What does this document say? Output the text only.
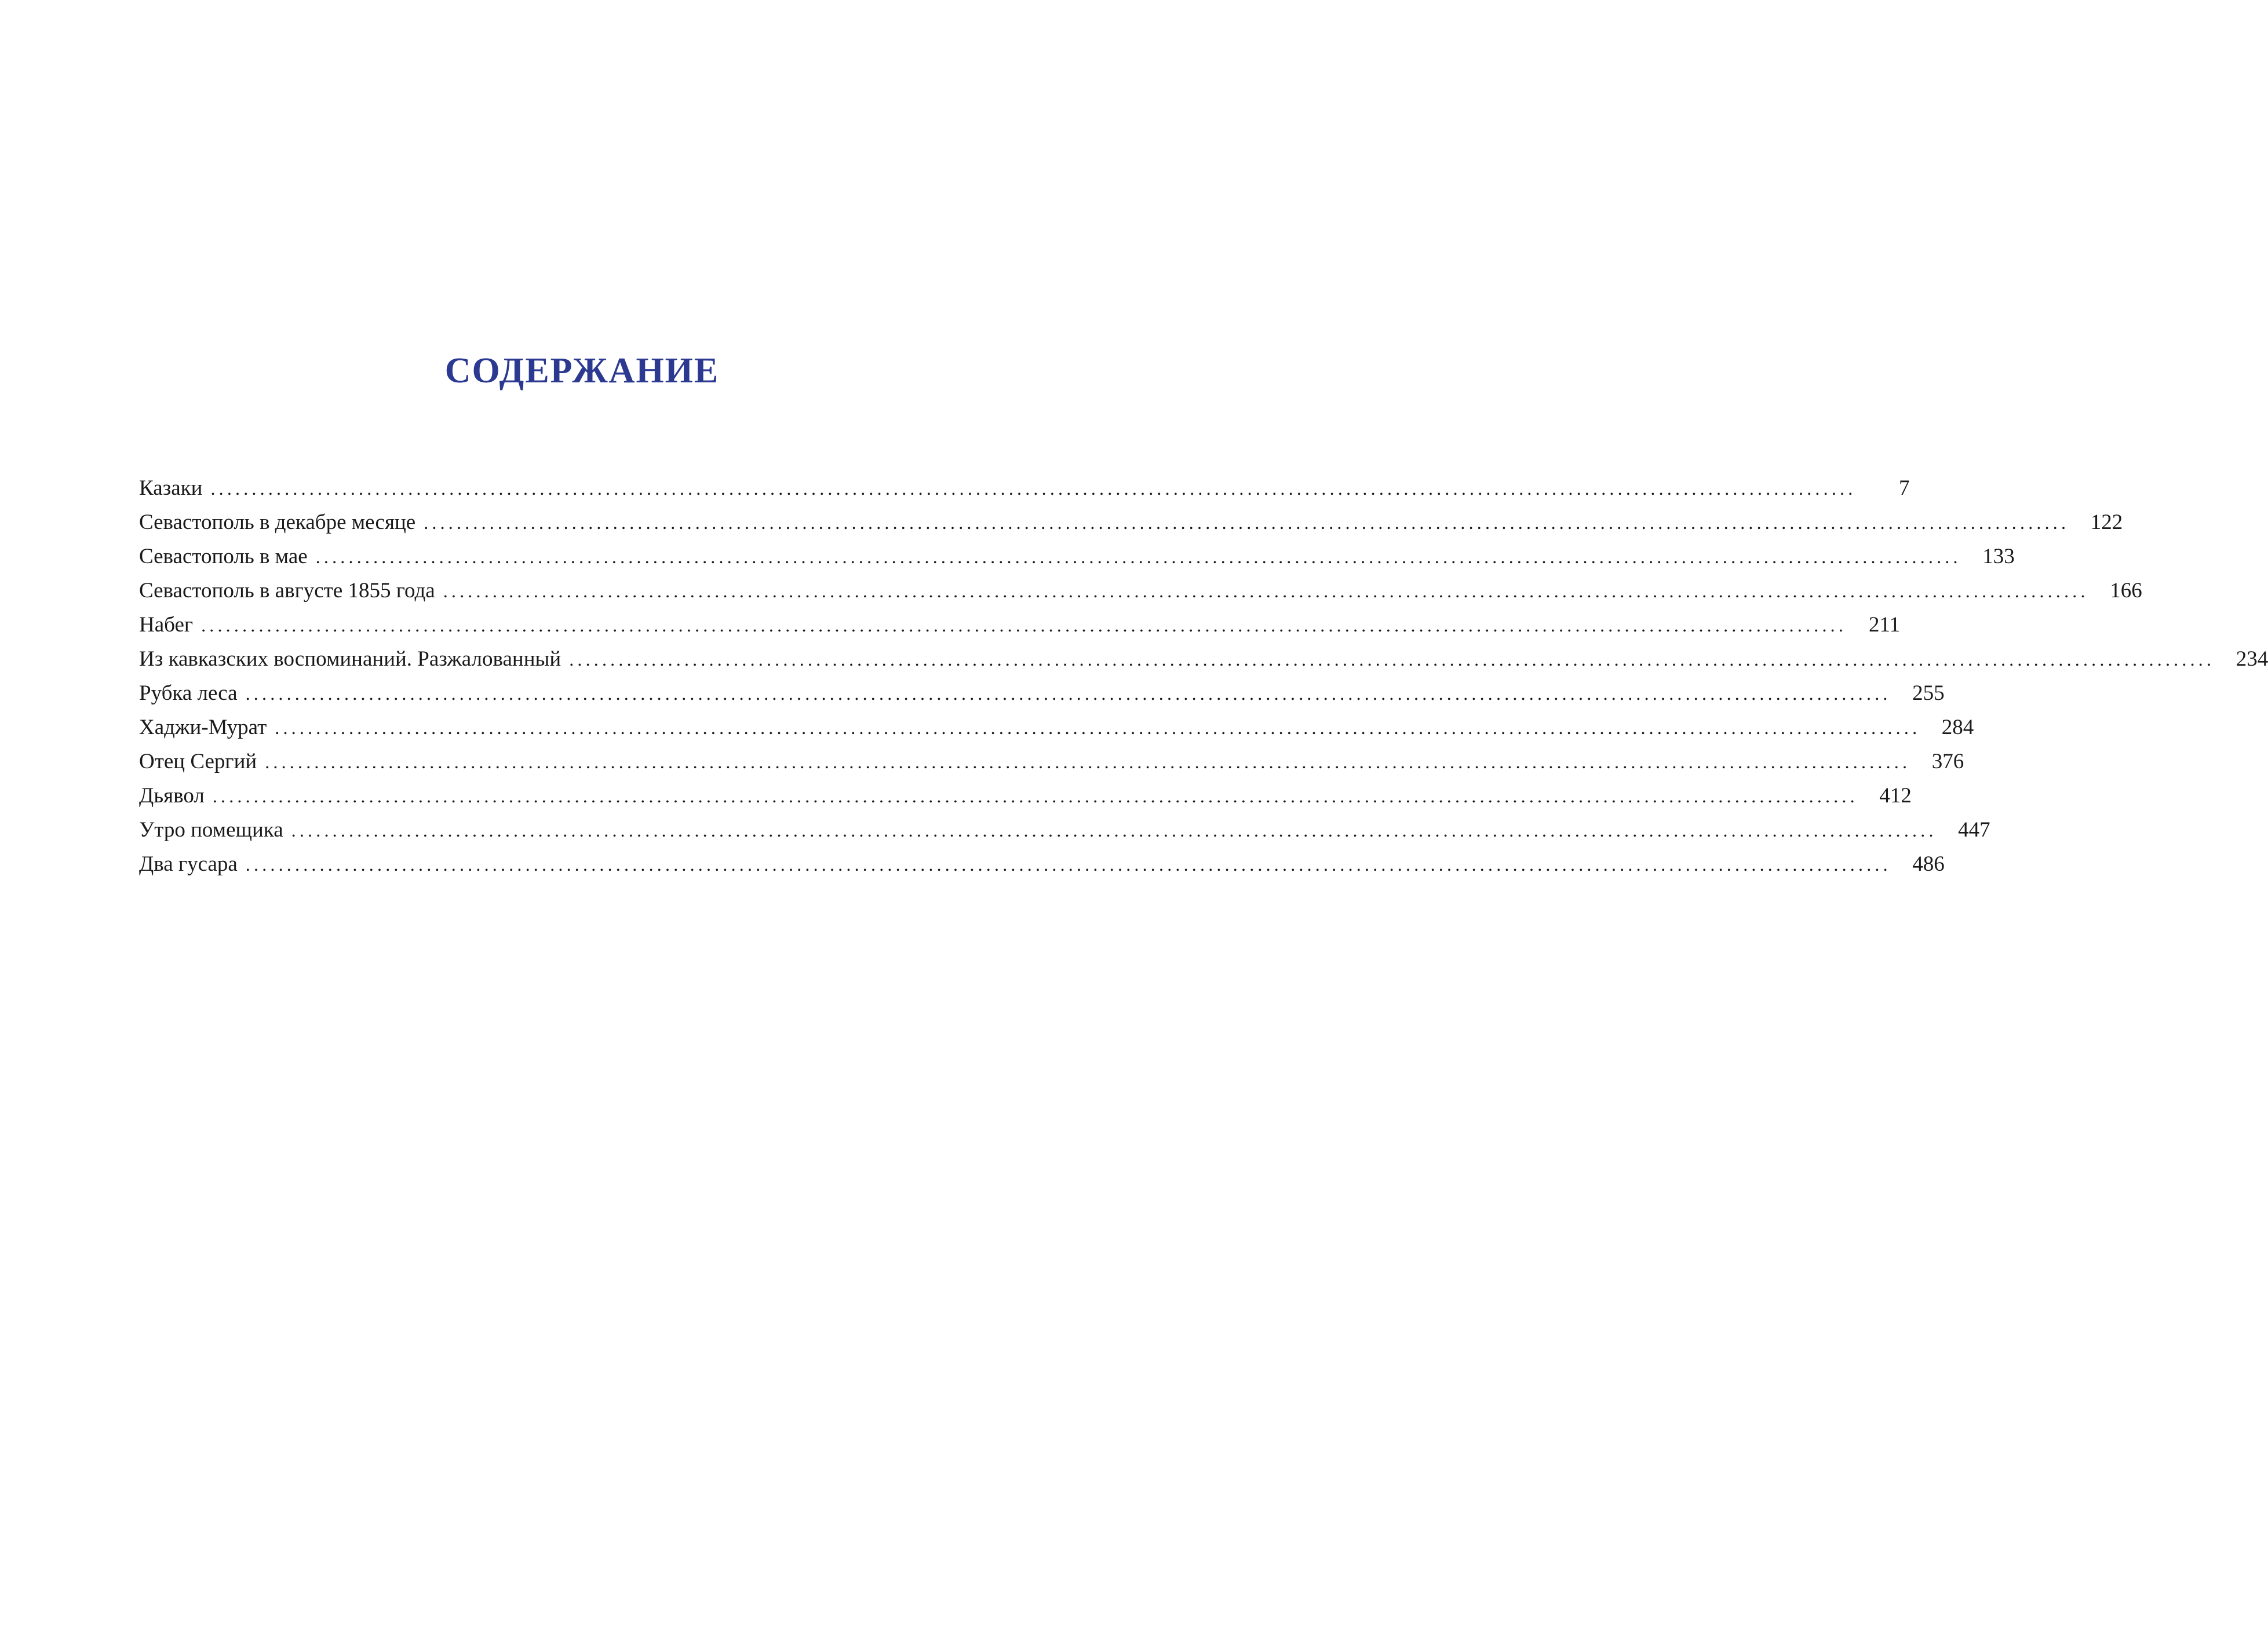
СОДЕРЖАНИЕ
Казаки ........................................................................................................................................................................................................	7
Севастополь в декабре месяце ........................................................................................................................................................................................................ 122
Севастополь в мае ........................................................................................................................................................................................................ 133
Севастополь в августе 1855 года ........................................................................................................................................................................................................ 166
Набег ........................................................................................................................................................................................................	211
Из кавказских воспоминаний. Разжалованный ........................................................................................................................................................................................................ 234
Рубка леса ........................................................................................................................................................................................................ 255
Хаджи-Мурат ........................................................................................................................................................................................................ 284
Отец Сергий ........................................................................................................................................................................................................ 376
Дьявол ........................................................................................................................................................................................................ 412
Утро помещика ........................................................................................................................................................................................................ 447
Два гусара ........................................................................................................................................................................................................ 486
